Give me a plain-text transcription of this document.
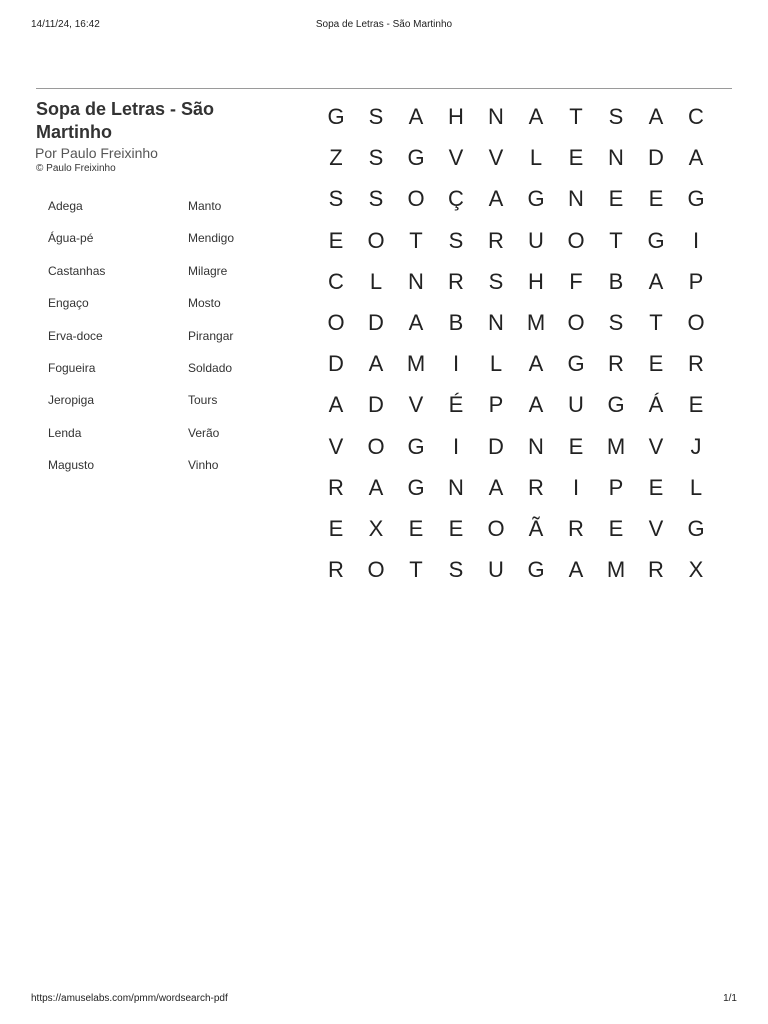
14/11/24, 16:42	Sopa de Letras - São Martinho
Sopa de Letras - São Martinho
Por Paulo Freixinho
© Paulo Freixinho
Adega	Manto
Água-pé	Mendigo
Castanhas	Milagre
Engaço	Mosto
Erva-doce	Pirangar
Fogueira	Soldado
Jeropiga	Tours
Lenda	Verão
Magusto	Vinho
G	S	A	H	N	A	T	S	A	C
Z	S	G	V	V	L	E	N	D	A
S	S	O	Ç	A	G	N	E	E	G
E	O	T	S	R	U	O	T	G	I
C	L	N	R	S	H	F	B	A	P
O	D	A	B	N	M	O	S	T	O
D	A	M	I	L	A	G	R	E	R
A	D	V	É	P	A	U	G	Á	E
V	O	G	I	D	N	E	M	V	J
R	A	G	N	A	R	I	P	E	L
E	X	E	E	O	Ã	R	E	V	G
R	O	T	S	U	G	A	M	R	X
https://amuselabs.com/pmm/wordsearch-pdf	1/1
